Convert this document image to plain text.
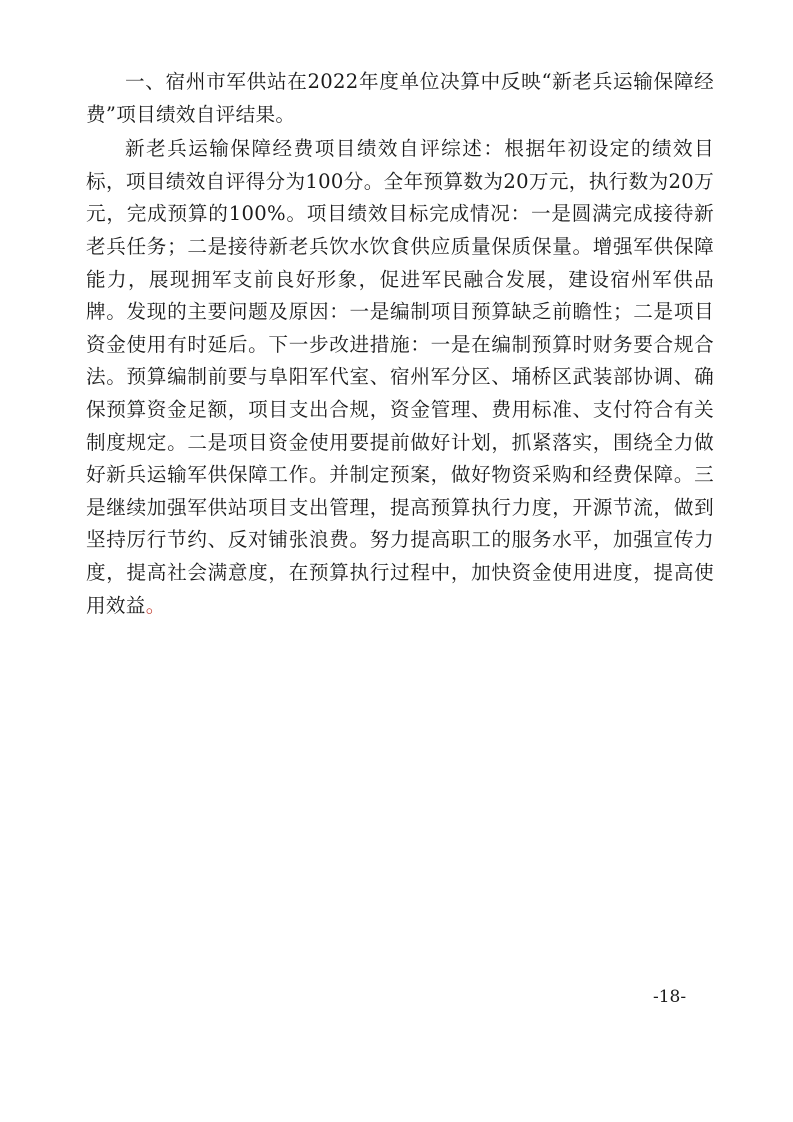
一、宿州市军供站在2022年度单位决算中反映“新老兵运输保障经费”项目绩效自评结果。

新老兵运输保障经费项目绩效自评综述：根据年初设定的绩效目标，项目绩效自评得分为100分。全年预算数为20万元，执行数为20万元，完成预算的100%。项目绩效目标完成情况：一是圆满完成接待新老兵任务；二是接待新老兵饮水饮食供应质量保质保量。增强军供保障能力，展现拥军支前良好形象，促进军民融合发展，建设宿州军供品牌。发现的主要问题及原因：一是编制项目预算缺乏前瞻性；二是项目资金使用有时延后。下一步改进措施：一是在编制预算时财务要合规合法。预算编制前要与阜阳军代室、宿州军分区、埇桥区武装部协调、确保预算资金足额，项目支出合规，资金管理、费用标准、支付符合有关制度规定。二是项目资金使用要提前做好计划，抓紧落实，围绕全力做好新兵运输军供保障工作。并制定预案，做好物资采购和经费保障。三是继续加强军供站项目支出管理，提高预算执行力度，开源节流，做到坚持厉行节约、反对铺张浪费。努力提高职工的服务水平，加强宣传力度，提高社会满意度，在预算执行过程中，加快资金使用进度，提高使用效益。

-18-
